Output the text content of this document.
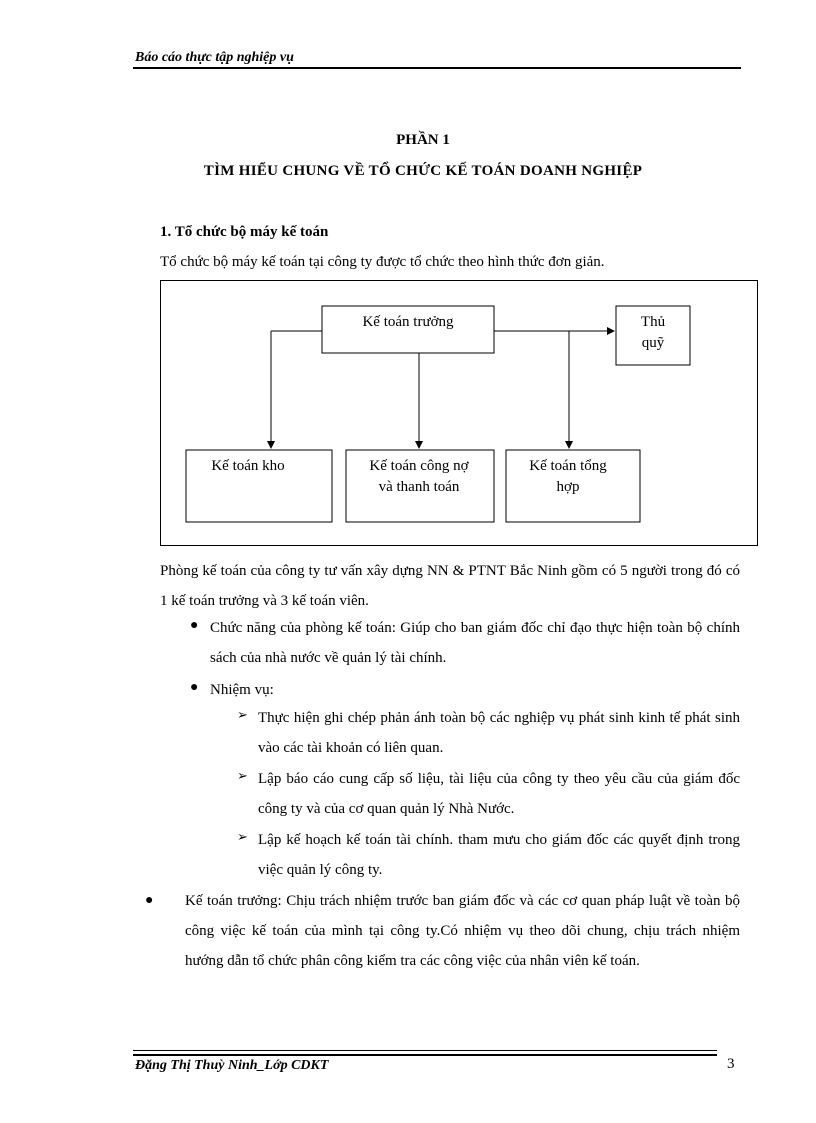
Báo cáo thực tập nghiệp vụ
PHẦN 1
TÌM HIỂU CHUNG VỀ TỔ CHỨC KẾ TOÁN DOANH NGHIỆP
1. Tổ chức bộ máy kế toán
Tổ chức bộ máy kế toán tại công ty được tổ chức theo hình thức đơn giản.
Kế toán trưởng	Thủ
quỹ
Kế toán kho	Kế toán công nợ
và thanh toán
Kế toán tổng
hợp
Phòng kế toán của công ty tư vấn xây dựng NN & PTNT Bắc Ninh gồm có 5 người trong đó có 1 kế toán trưởng và 3 kế toán viên.
● Chức năng của phòng kế toán: Giúp cho ban giám đốc chỉ đạo thực hiện toàn bộ chính sách của nhà nước về quản lý tài chính.
● Nhiệm vụ:
➢ Thực hiện ghi chép phản ánh toàn bộ các nghiệp vụ phát sinh kinh tế phát sinh vào các tài khoản có liên quan.
➢ Lập báo cáo cung cấp số liệu, tài liệu của công ty theo yêu cầu của giám đốc công ty và của cơ quan quản lý Nhà Nước.
➢ Lập kế hoạch kế toán tài chính. tham mưu cho giám đốc các quyết định trong việc quản lý công ty.
● Kế toán trưởng: Chịu trách nhiệm trước ban giám đốc và các cơ quan pháp luật về toàn bộ công việc kế toán của mình tại công ty.Có nhiệm vụ theo dõi chung, chịu trách nhiệm hướng dẫn tổ chức phân công kiểm tra các công việc của nhân viên kế toán.
Đặng Thị Thuỳ Ninh_Lớp CDKT	3
